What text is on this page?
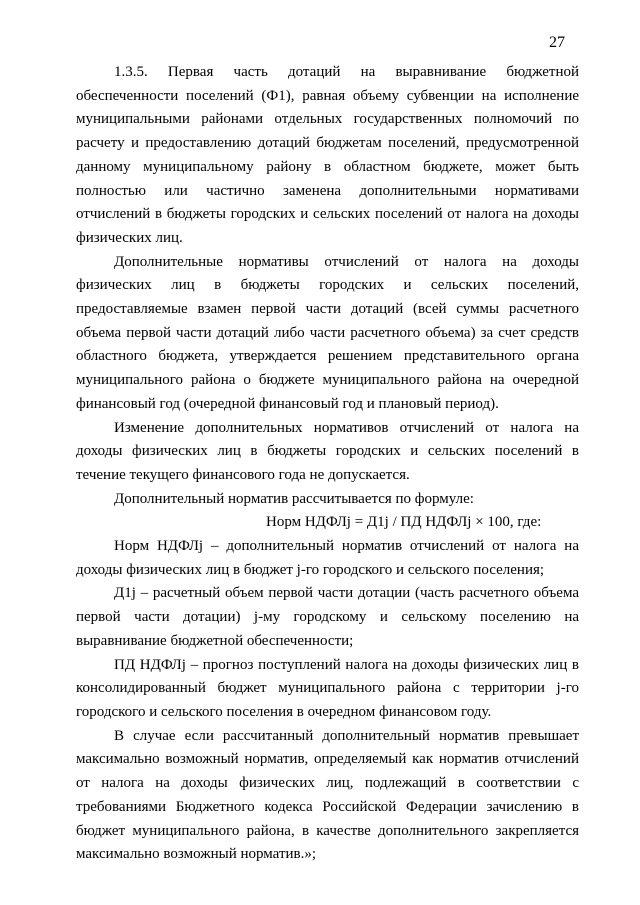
27

1.3.5. Первая часть дотаций на выравнивание бюджетной обеспеченности поселений (Ф1), равная объему субвенции на исполнение муниципальными районами отдельных государственных полномочий по расчету и предоставлению дотаций бюджетам поселений, предусмотренной данному муниципальному району в областном бюджете, может быть полностью или частично заменена дополнительными нормативами отчислений в бюджеты городских и сельских поселений от налога на доходы физических лиц.

Дополнительные нормативы отчислений от налога на доходы физических лиц в бюджеты городских и сельских поселений, предоставляемые взамен первой части дотаций (всей суммы расчетного объема первой части дотаций либо части расчетного объема) за счет средств областного бюджета, утверждается решением представительного органа муниципального района о бюджете муниципального района на очередной финансовый год (очередной финансовый год и плановый период).

Изменение дополнительных нормативов отчислений от налога на доходы физических лиц в бюджеты городских и сельских поселений в течение текущего финансового года не допускается.

Дополнительный норматив рассчитывается по формуле:

Норм НДФЛj = Д1j / ПД НДФЛj × 100, где:

Норм НДФЛj – дополнительный норматив отчислений от налога на доходы физических лиц в бюджет j-го городского и сельского поселения;

Д1j – расчетный объем первой части дотации (часть расчетного объема первой части дотации) j-му городскому и сельскому поселению на выравнивание бюджетной обеспеченности;

ПД НДФЛj – прогноз поступлений налога на доходы физических лиц в консолидированный бюджет муниципального района с территории j-го городского и сельского поселения в очередном финансовом году.

В случае если рассчитанный дополнительный норматив превышает максимально возможный норматив, определяемый как норматив отчислений от налога на доходы физических лиц, подлежащий в соответствии с требованиями Бюджетного кодекса Российской Федерации зачислению в бюджет муниципального района, в качестве дополнительного закрепляется максимально возможный норматив.»;
